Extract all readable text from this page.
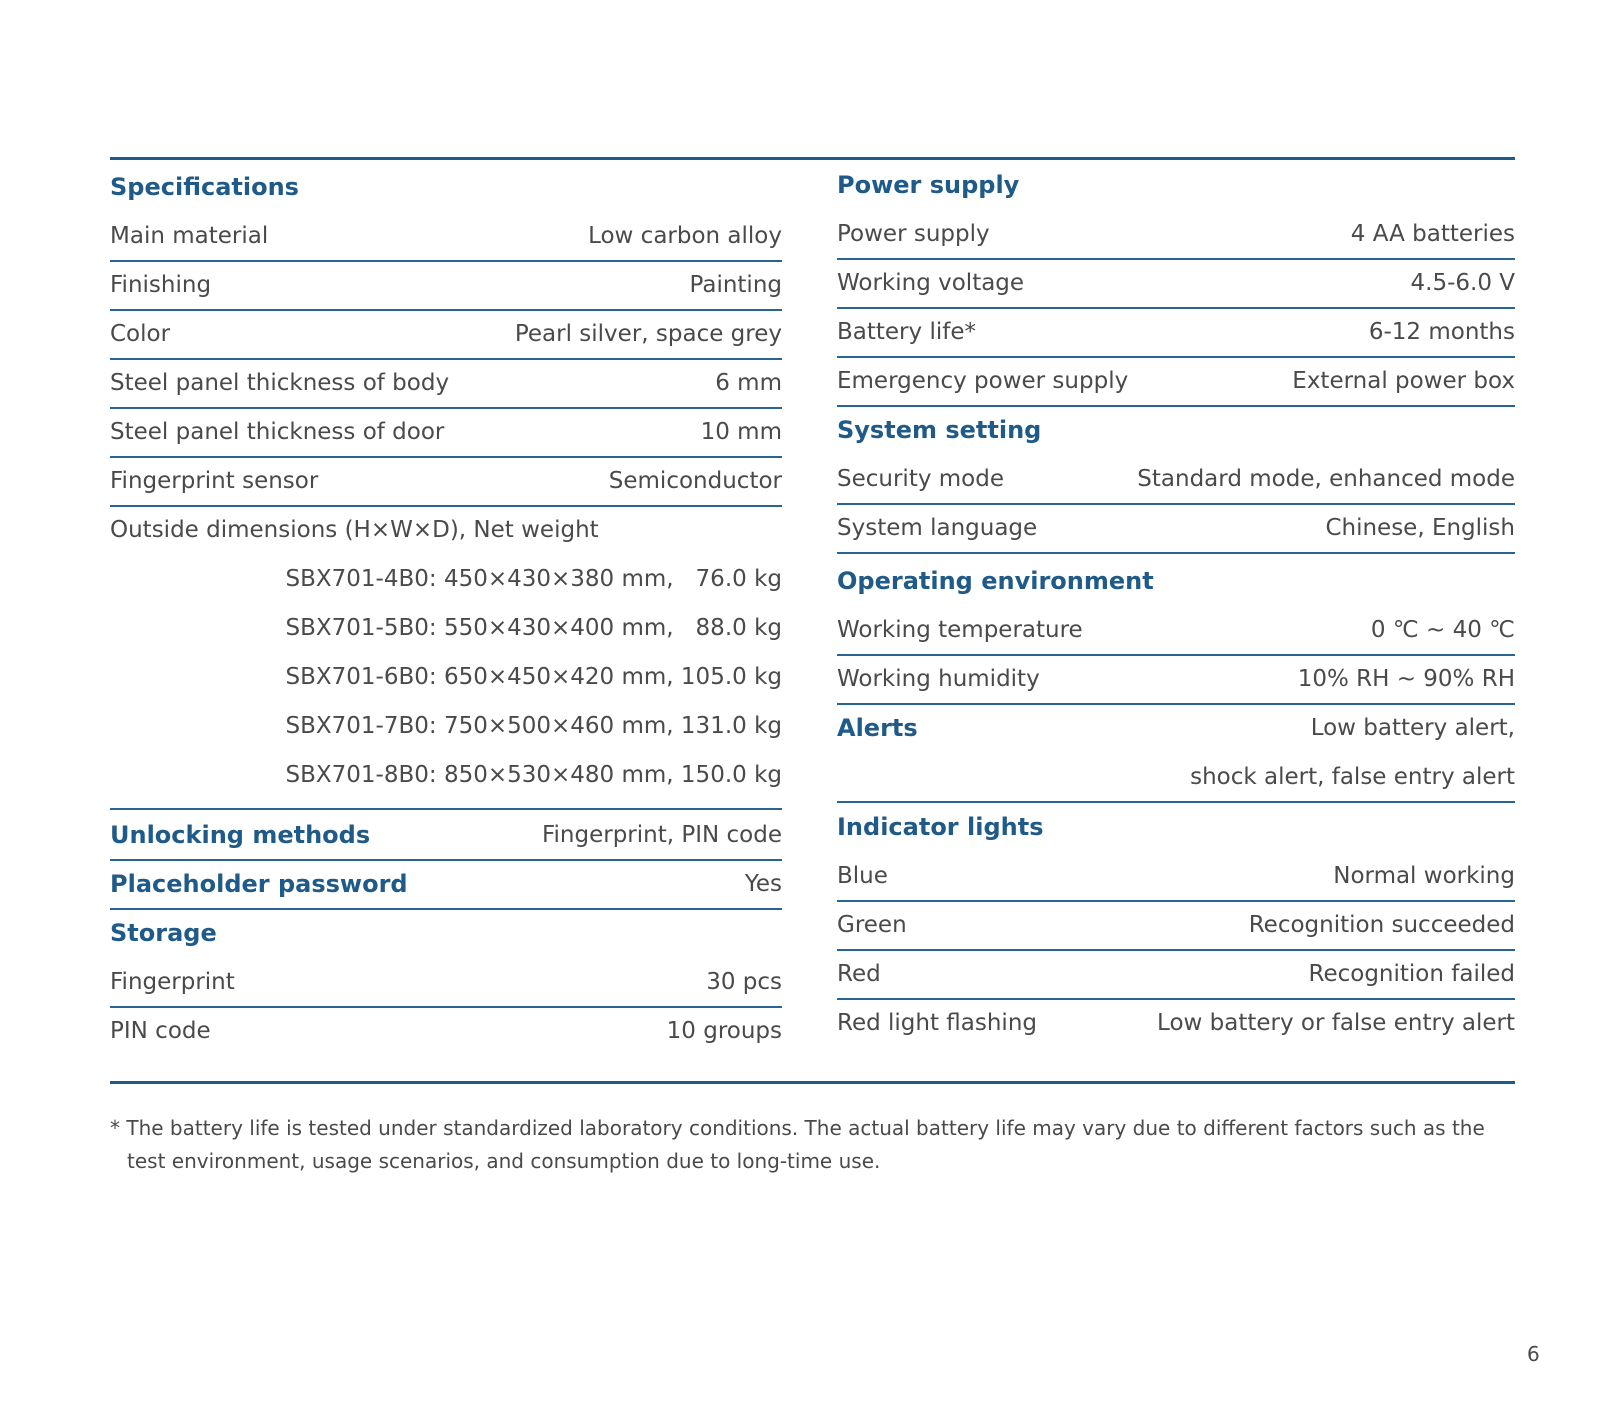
Specifications
Main material	Low carbon alloy
Finishing	Painting
Color	Pearl silver, space grey
Steel panel thickness of body	6 mm
Steel panel thickness of door	10 mm
Fingerprint sensor	Semiconductor
Outside dimensions (H×W×D), Net weight
SBX701-4B0: 450×430×380 mm,   76.0 kg
SBX701-5B0: 550×430×400 mm,   88.0 kg
SBX701-6B0: 650×450×420 mm, 105.0 kg
SBX701-7B0: 750×500×460 mm, 131.0 kg
SBX701-8B0: 850×530×480 mm, 150.0 kg
Unlocking methods	Fingerprint, PIN code
Placeholder password	Yes
Storage
Fingerprint	30 pcs
PIN code	10 groups
Power supply
Power supply	4 AA batteries
Working voltage	4.5-6.0 V
Battery life*	6-12 months
Emergency power supply	External power box
System setting
Security mode	Standard mode, enhanced mode
System language	Chinese, English
Operating environment
Working temperature	0 ℃ ~ 40 ℃
Working humidity	10% RH ~ 90% RH
Alerts	Low battery alert,
shock alert, false entry alert
Indicator lights
Blue	Normal working
Green	Recognition succeeded
Red	Recognition failed
Red light flashing	Low battery or false entry alert
* The battery life is tested under standardized laboratory conditions. The actual battery life may vary due to different factors such as the
test environment, usage scenarios, and consumption due to long-time use.
6
